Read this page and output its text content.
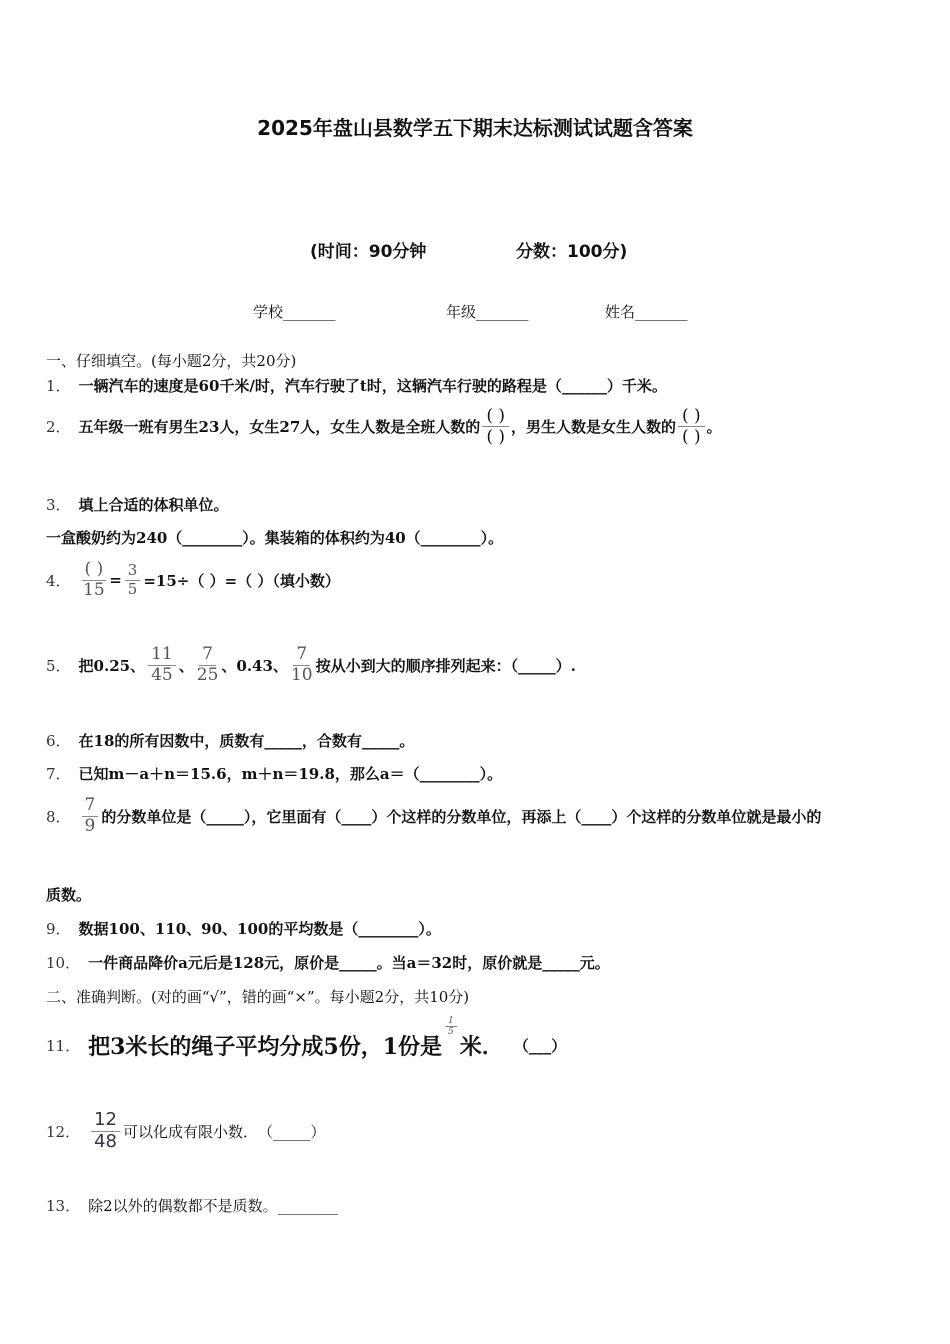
2025年盘山县数学五下期末达标测试试题含答案
(时间：90分钟	分数：100分)
学校_______	年级_______	姓名_______
一、仔细填空。(每小题2分，共20分)
1． 一辆汽车的速度是60千米/时，汽车行驶了t时，这辆汽车行驶的路程是（______）千米。
2． 五年级一班有男生23人，女生27人，女生人数是全班人数的
( )
( ) ，男生人数是女生人数的
( )
( ) 。
3． 填上合适的体积单位。
一盒酸奶约为240（________）。集装箱的体积约为40（________）。
4． $\frac{( )}{15} = \frac{3}{5} =15\div$（ ）=（ ）（填小数）
5． 把0.25、 $\frac{11}{45}$ 、 $\frac{7}{25}$ 、0.43、 $\frac{7}{10}$ 按从小到大的顺序排列起来：（_____）.
6． 在18的所有因数中，质数有_____，合数有_____。
7． 已知m－a＋n＝15.6，m＋n＝19.8，那么a＝（________）。
8． $\frac{7}{9}$ 的分数单位是（_____），它里面有（____）个这样的分数单位，再添上（____）个这样的分数单位就是最小的
质数。
9． 数据100、110、90、100的平均数是（________）。
10． 一件商品降价a元后是128元，原价是_____。当a＝32时，原价就是_____元。
二、准确判断。(对的画“√”，错的画“×”。每小题2分，共10分)
11． 把3米长的绳子平均分成5份，1份是
$\frac{1}{5}$
米． （___）
12． $\frac{12}{48}$ 可以化成有限小数．　（_____）
13． 除2以外的偶数都不是质数。________
